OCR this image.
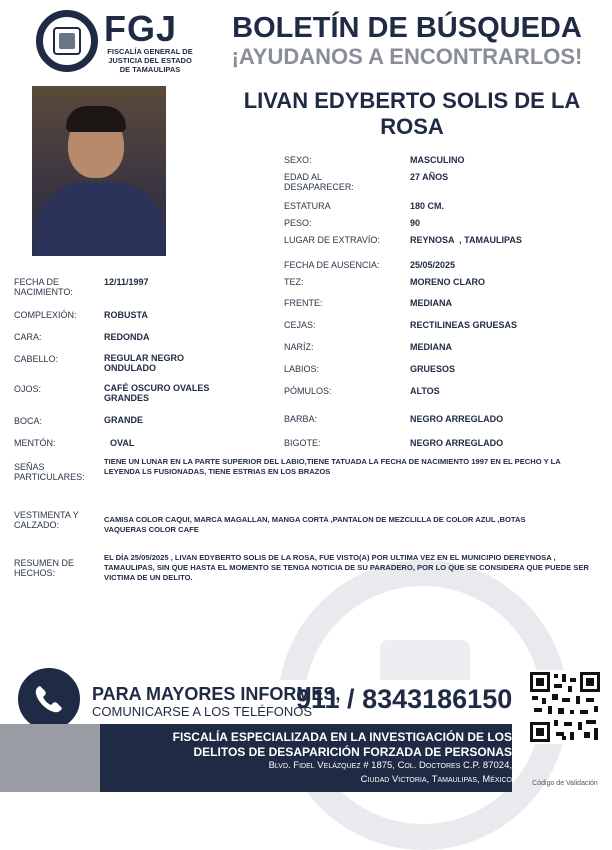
FGJ
FISCALÍA GENERAL DE JUSTICIA DEL ESTADO DE TAMAULIPAS
BOLETÍN DE BÚSQUEDA
¡AYUDANOS A ENCONTRARLOS!
LIVAN EDYBERTO SOLIS DE LA ROSA
SEXO:	MASCULINO
EDAD AL DESAPARECER:
27 AÑOS
ESTATURA	180 CM.
PESO:	90
LUGAR DE EXTRAVÍO:	REYNOSA  , TAMAULIPAS
FECHA DE AUSENCIA:	25/05/2025
TEZ:	MORENO CLARO
FRENTE:	MEDIANA
CEJAS:	RECTILINEAS GRUESAS
NARÍZ:	MEDIANA
LABIOS:	GRUESOS
PÓMULOS:	ALTOS
BARBA:	NEGRO ARREGLADO
BIGOTE:	NEGRO ARREGLADO
FECHA DE NACIMIENTO:
12/11/1997
COMPLEXIÓN:	ROBUSTA
CARA:	REDONDA
CABELLO:	REGULAR NEGRO ONDULADO
OJOS:	CAFÉ OSCURO OVALES GRANDES
BOCA:	GRANDE
MENTÓN:	OVAL
SEÑAS PARTICULARES:
TIENE UN LUNAR EN LA PARTE SUPERIOR DEL LABIO,TIENE TATUADA LA FECHA DE NACIMIENTO 1997 EN EL PECHO Y LA LEYENDA LS FUSIONADAS, TIENE ESTRIAS EN LOS BRAZOS
VESTIMENTA Y CALZADO:
CAMISA COLOR CAQUI, MARCA MAGALLAN, MANGA CORTA ,PANTALON DE MEZCLILLA DE COLOR AZUL ,BOTAS VAQUERAS COLOR CAFE
RESUMEN DE HECHOS:
EL DÍA 25/05/2025 , LIVAN EDYBERTO SOLIS DE LA ROSA, FUE VISTO(A) POR ULTIMA VEZ EN EL MUNICIPIO DEREYNOSA , TAMAULIPAS, SIN QUE HASTA EL MOMENTO SE TENGA NOTICIA DE SU PARADERO, POR LO QUE SE CONSIDERA QUE PUEDE SER VICTIMA DE UN DELITO.
PARA MAYORES INFORMES,
COMUNICARSE A LOS TELÉFONOS
911 / 8343186150
FISCALÍA ESPECIALIZADA EN LA INVESTIGACIÓN DE LOS
DELITOS DE DESAPARICIÓN FORZADA DE PERSONAS
Blvd. Fidel Velázquez # 1875, Col. Doctores C.P. 87024,
Ciudad Victoria, Tamaulipas, México	Código de Validación
